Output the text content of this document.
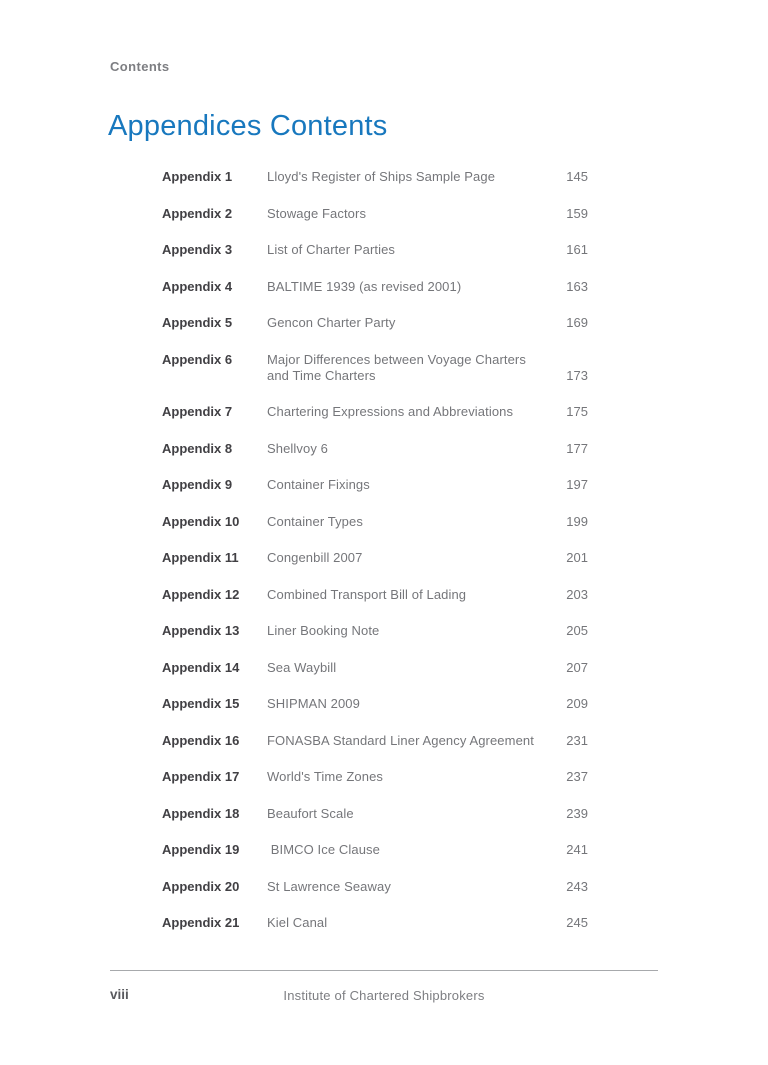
Contents
Appendices Contents
Appendix 1	Lloyd's Register of Ships Sample Page	145
Appendix 2	Stowage Factors	159
Appendix 3	List of Charter Parties	161
Appendix 4	BALTIME 1939 (as revised 2001)	163
Appendix 5	Gencon Charter Party	169
Appendix 6	Major Differences between Voyage Charters
and Time Charters	173
Appendix 7	Chartering Expressions and Abbreviations	175
Appendix 8	Shellvoy 6	177
Appendix 9	Container Fixings	197
Appendix 10	Container Types	199
Appendix 11	Congenbill 2007	201
Appendix 12	Combined Transport Bill of Lading	203
Appendix 13	Liner Booking Note	205
Appendix 14	Sea Waybill	207
Appendix 15	SHIPMAN 2009	209
Appendix 16	FONASBA Standard Liner Agency Agreement	231
Appendix 17	World's Time Zones	237
Appendix 18	Beaufort Scale	239
Appendix 19	BIMCO Ice Clause	241
Appendix 20	St Lawrence Seaway	243
Appendix 21	Kiel Canal	245
viii	Institute of Chartered Shipbrokers
